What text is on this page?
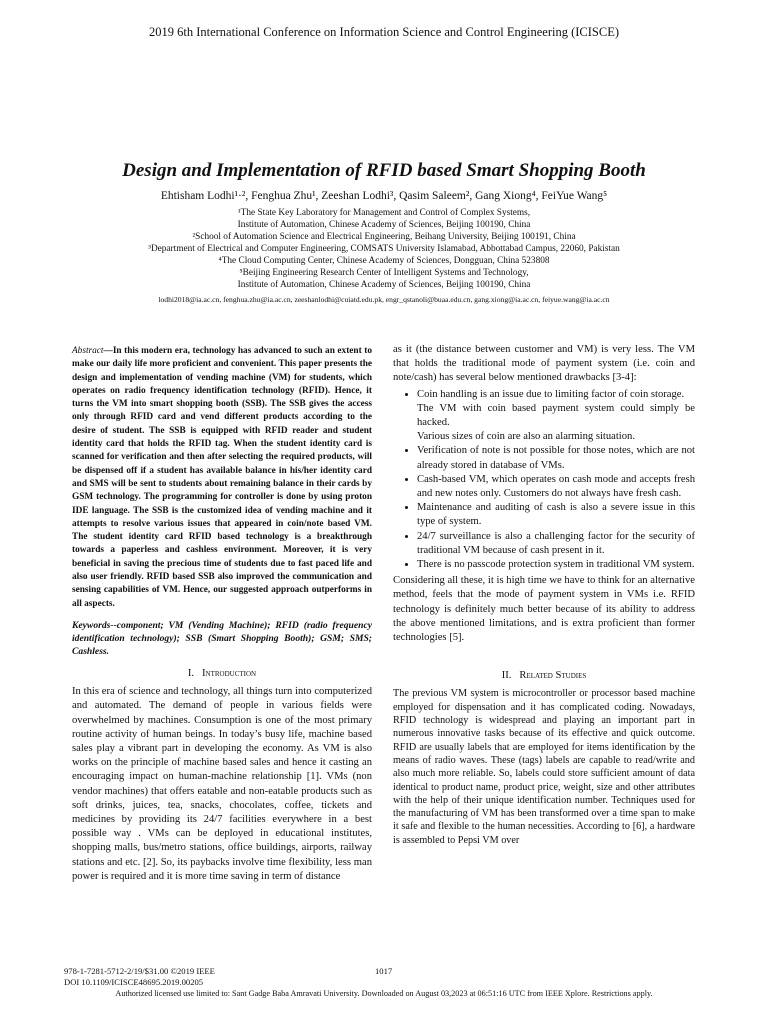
2019 6th International Conference on Information Science and Control Engineering (ICISCE)
Design and Implementation of RFID based Smart Shopping Booth
Ehtisham Lodhi¹·², Fenghua Zhu¹, Zeeshan Lodhi³, Qasim Saleem², Gang Xiong⁴, FeiYue Wang⁵
¹The State Key Laboratory for Management and Control of Complex Systems,
Institute of Automation, Chinese Academy of Sciences, Beijing 100190, China
²School of Automation Science and Electrical Engineering, Beihang University, Beijing 100191, China
³Department of Electrical and Computer Engineering, COMSATS University Islamabad, Abbottabad Campus, 22060, Pakistan
⁴The Cloud Computing Center, Chinese Academy of Sciences, Dongguan, China 523808
⁵Beijing Engineering Research Center of Intelligent Systems and Technology,
Institute of Automation, Chinese Academy of Sciences, Beijing 100190, China
lodhi2018@ia.ac.cn, fenghua.zhu@ia.ac.cn, zeeshanlodhi@cuiatd.edu.pk, engr_qstanoli@buaa.edu.cn, gang.xiong@ia.ac.cn, feiyue.wang@ia.ac.cn
Abstract—In this modern era, technology has advanced to such an extent to make our daily life more proficient and convenient. This paper presents the design and implementation of vending machine (VM) for students, which operates on radio frequency identification technology (RFID). Hence, it turns the VM into smart shopping booth (SSB). The SSB gives the access only through RFID card and vend different products according to the desire of student. The SSB is equipped with RFID reader and student identity card that holds the RFID tag. When the student identity card is scanned for verification and then after selecting the required products, will be dispensed off if a student has available balance in his/her identity card and SMS will be sent to students about remaining balance in their cards by GSM technology. The programming for controller is done by using proton IDE language. The SSB is the customized idea of vending machine and it attempts to resolve various issues that appeared in coin/note based VM. The student identity card RFID based technology is a breakthrough towards a paperless and cashless environment. Moreover, it is very beneficial in saving the precious time of students due to fast paced life and also user friendly. RFID based SSB also improved the communication and sensing capabilities of VM. Hence, our suggested approach outperforms in all aspects.
Keywords--component; VM (Vending Machine); RFID (radio frequency identification technology); SSB (Smart Shopping Booth); GSM; SMS; Cashless.
I. Introduction

In this era of science and technology, all things turn into computerized and automated. The demand of people in various fields were overwhelmed by machines. Consumption is one of the most primary routine activity of human beings. In today’s busy life, machine based sales play a vibrant part in developing the economy. As VM is also works on the principle of machine based sales and hence it casting an encouraging impact on human-machine relationship [1]. VMs (non vendor machines) that offers eatable and non-eatable products such as soft drinks, juices, tea, snacks, chocolates, coffee, tickets and medicines by providing its 24/7 facilities everywhere in a best possible way . VMs can be deployed in educational institutes, shopping malls, bus/metro stations, office buildings, airports, railway stations and etc. [2]. So, its paybacks involve time flexibility, less man power is required and it is more time saving in term of distance

as it (the distance between customer and VM) is very less. The VM that holds the traditional mode of payment system (i.e. coin and note/cash) has several below mentioned drawbacks [3-4]:

• Coin handling is an issue due to limiting factor of coin storage.

The VM with coin based payment system could simply be hacked.

Various sizes of coin are also an alarming situation.

• Verification of note is not possible for those notes, which are not already stored in database of VMs.
• Cash-based VM, which operates on cash mode and accepts fresh and new notes only. Customers do not always have fresh cash.
• Maintenance and auditing of cash is also a severe issue in this type of system.
• 24/7 surveillance is also a challenging factor for the security of traditional VM because of cash present in it.
• There is no passcode protection system in traditional VM system.

Considering all these, it is high time we have to think for an alternative method, feels that the mode of payment system in VMs i.e. RFID technology is definitely much better because of its ability to address the above mentioned limitations, and is extra proficient than former technologies [5].

II. Related Studies

The previous VM system is microcontroller or processor based machine employed for dispensation and it has complicated coding. Nowadays, RFID technology is widespread and playing an important part in numerous innovative tasks because of its effective and quick outcome. RFID are usually labels that are employed for items identification by the means of radio waves. These (tags) labels are capable to read/write and also much more reliable. So, labels could store sufficient amount of data identical to product name, product price, weight, size and other attributes with the help of their unique identification number. Techniques used for the manufacturing of VM has been transformed over a time span to make it safe and flexible to the human necessities. According to [6], a hardware is assembled to Pepsi VM over

978-1-7281-5712-2/19/$31.00 ©2019 IEEE
DOI 10.1109/ICISCE48695.2019.00205
1017
Authorized licensed use limited to: Sant Gadge Baba Amravati University. Downloaded on August 03,2023 at 06:51:16 UTC from IEEE Xplore. Restrictions apply.
